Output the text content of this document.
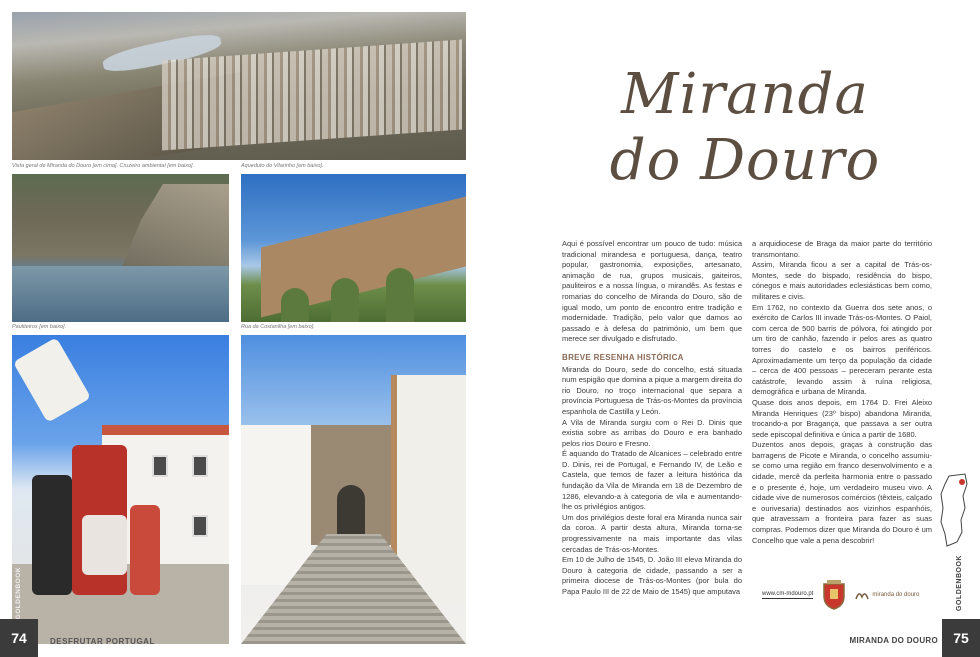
Vista geral de Miranda do Douro [em cima]. Cruzeiro ambiental [em baixo].	Aqueduto do Vilarinho [em baixo].
Pauliteiros [em baixo].	Rua da Costanilha [em baixo].
GOLDENBOOK
74	DESFRUTAR PORTUGAL
Miranda
do Douro

Aqui é possível encontrar um pouco de tudo: música tradicional mirandesa e portuguesa, dança, teatro popular, gastronomia, exposições, artesanato, animação de rua, grupos musicais, gaiteiros, pauliteiros e a nossa língua, o mirandês. As festas e romarias do concelho de Miranda do Douro, são de igual modo, um ponto de encontro entre tradição e modernidade. Tradição, pelo valor que damos ao passado e à defesa do património, um bem que merece ser divulgado e disfrutado.

BREVE RESENHA HISTÓRICA

Miranda do Douro, sede do concelho, está situada num espigão que domina a pique a margem direita do rio Douro, no troço internacional que separa a província Portuguesa de Trás-os-Montes da província espanhola de Castilla y León.

A Vila de Miranda surgiu com o Rei D. Dinis que existia sobre as arribas do Douro e era banhado pelos rios Douro e Fresno.

É aquando do Tratado de Alcanices – celebrado entre D. Dinis, rei de Portugal, e Fernando IV, de Leão e Castela, que temos de fazer a leitura histórica da fundação da Vila de Miranda em 18 de Dezembro de 1286, elevando-a à categoria de vila e aumentando-lhe os privilégios antigos.

Um dos privilégios deste foral era Miranda nunca sair da coroa. A partir desta altura, Miranda torna-se progressivamente na mais importante das vilas cercadas de Trás-os-Montes.

Em 10 de Julho de 1545, D. João III eleva Miranda do Douro à categoria de cidade, passando a ser a primeira diocese de Trás-os-Montes (por bula do Papa Paulo III de 22 de Maio de 1545) que amputava

a arquidiocese de Braga da maior parte do território transmontano.

Assim, Miranda ficou a ser a capital de Trás-os-Montes, sede do bispado, residência do bispo, cónegos e mais autoridades eclesiásticas bem como, militares e civis.

Em 1762, no contexto da Guerra dos sete anos, o exército de Carlos III invade Trás-os-Montes. O Paiol, com cerca de 500 barris de pólvora, foi atingido por um tiro de canhão, fazendo ir pelos ares as quatro torres do castelo e os bairros periféricos. Aproximadamente um terço da população da cidade – cerca de 400 pessoas – pereceram perante esta catástrofe, levando assim à ruína religiosa, demográfica e urbana de Miranda.

Quase dois anos depois, em 1764 D. Frei Aleixo Miranda Henriques (23º bispo) abandona Miranda, trocando-a por Bragança, que passava a ser outra sede episcopal definitiva e única a partir de 1680.

Duzentos anos depois, graças à construção das barragens de Picote e Miranda, o concelho assumiu-se como uma região em franco desenvolvimento e a cidade, mercê da perfeita harmonia entre o passado e o presente é, hoje, um verdadeiro museu vivo. A cidade vive de numerosos comércios (têxteis, calçado e ourivesaria) destinados aos vizinhos espanhóis, que atravessam a fronteira para fazer as suas compras. Podemos dizer que Miranda do Douro é um Concelho que vale a pena descobrir!

www.cm-mdouro.pt	miranda do douro	GOLDENBOOK
MIRANDA DO DOURO	75
